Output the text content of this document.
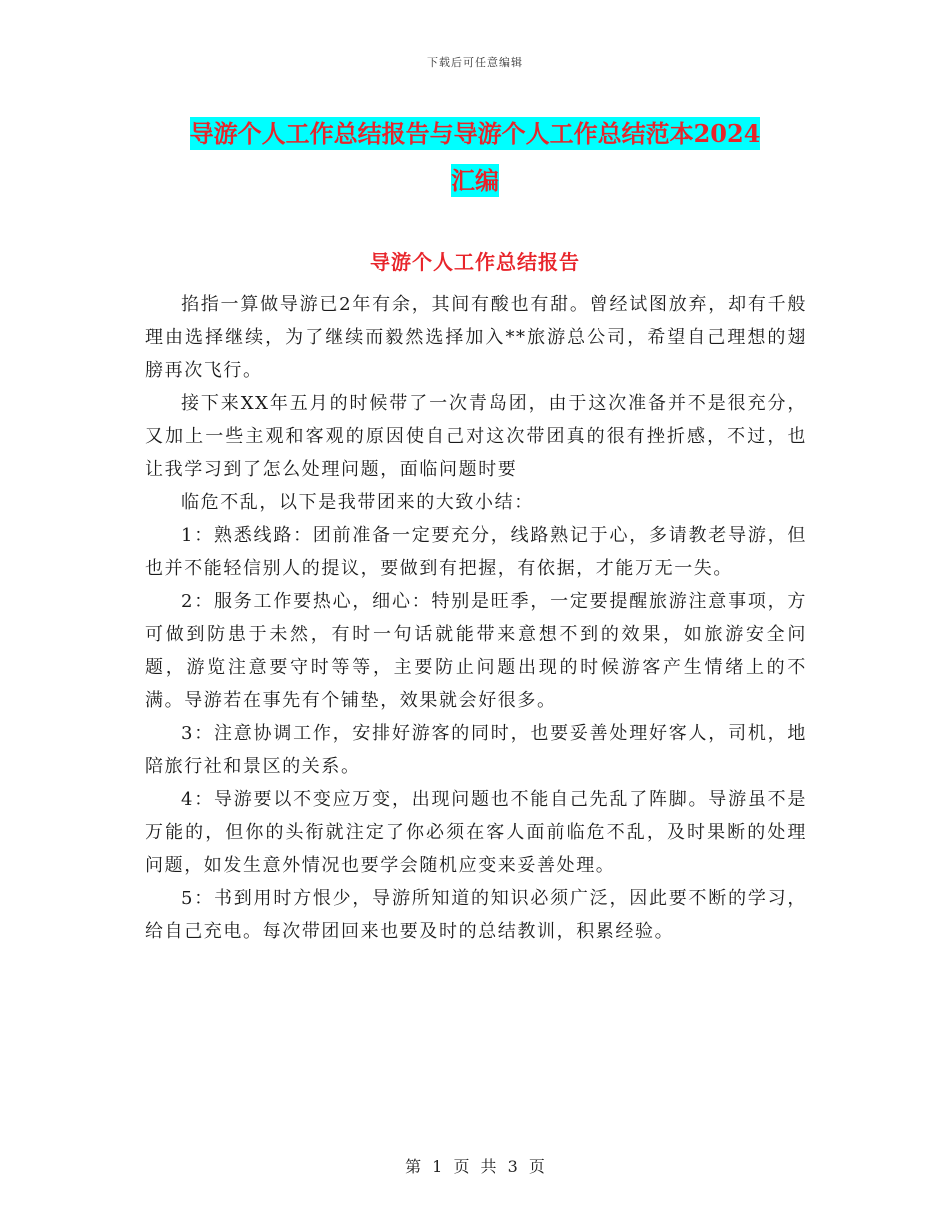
下载后可任意编辑
导游个人工作总结报告与导游个人工作总结范本2024
汇编
导游个人工作总结报告

掐指一算做导游已2年有余，其间有酸也有甜。曾经试图放弃，却有千般理由选择继续，为了继续而毅然选择加入**旅游总公司，希望自己理想的翅膀再次飞行。

接下来XX年五月的时候带了一次青岛团，由于这次准备并不是很充分，又加上一些主观和客观的原因使自己对这次带团真的很有挫折感，不过，也让我学习到了怎么处理问题，面临问题时要

临危不乱，以下是我带团来的大致小结：

1：熟悉线路：团前准备一定要充分，线路熟记于心，多请教老导游，但也并不能轻信别人的提议，要做到有把握，有依据，才能万无一失。

2：服务工作要热心，细心：特别是旺季，一定要提醒旅游注意事项，方可做到防患于未然，有时一句话就能带来意想不到的效果，如旅游安全问题，游览注意要守时等等，主要防止问题出现的时候游客产生情绪上的不满。导游若在事先有个铺垫，效果就会好很多。

3：注意协调工作，安排好游客的同时，也要妥善处理好客人，司机，地陪旅行社和景区的关系。

4：导游要以不变应万变，出现问题也不能自己先乱了阵脚。导游虽不是万能的，但你的头衔就注定了你必须在客人面前临危不乱，及时果断的处理问题，如发生意外情况也要学会随机应变来妥善处理。

5：书到用时方恨少，导游所知道的知识必须广泛，因此要不断的学习，给自己充电。每次带团回来也要及时的总结教训，积累经验。

第 1 页 共 3 页
